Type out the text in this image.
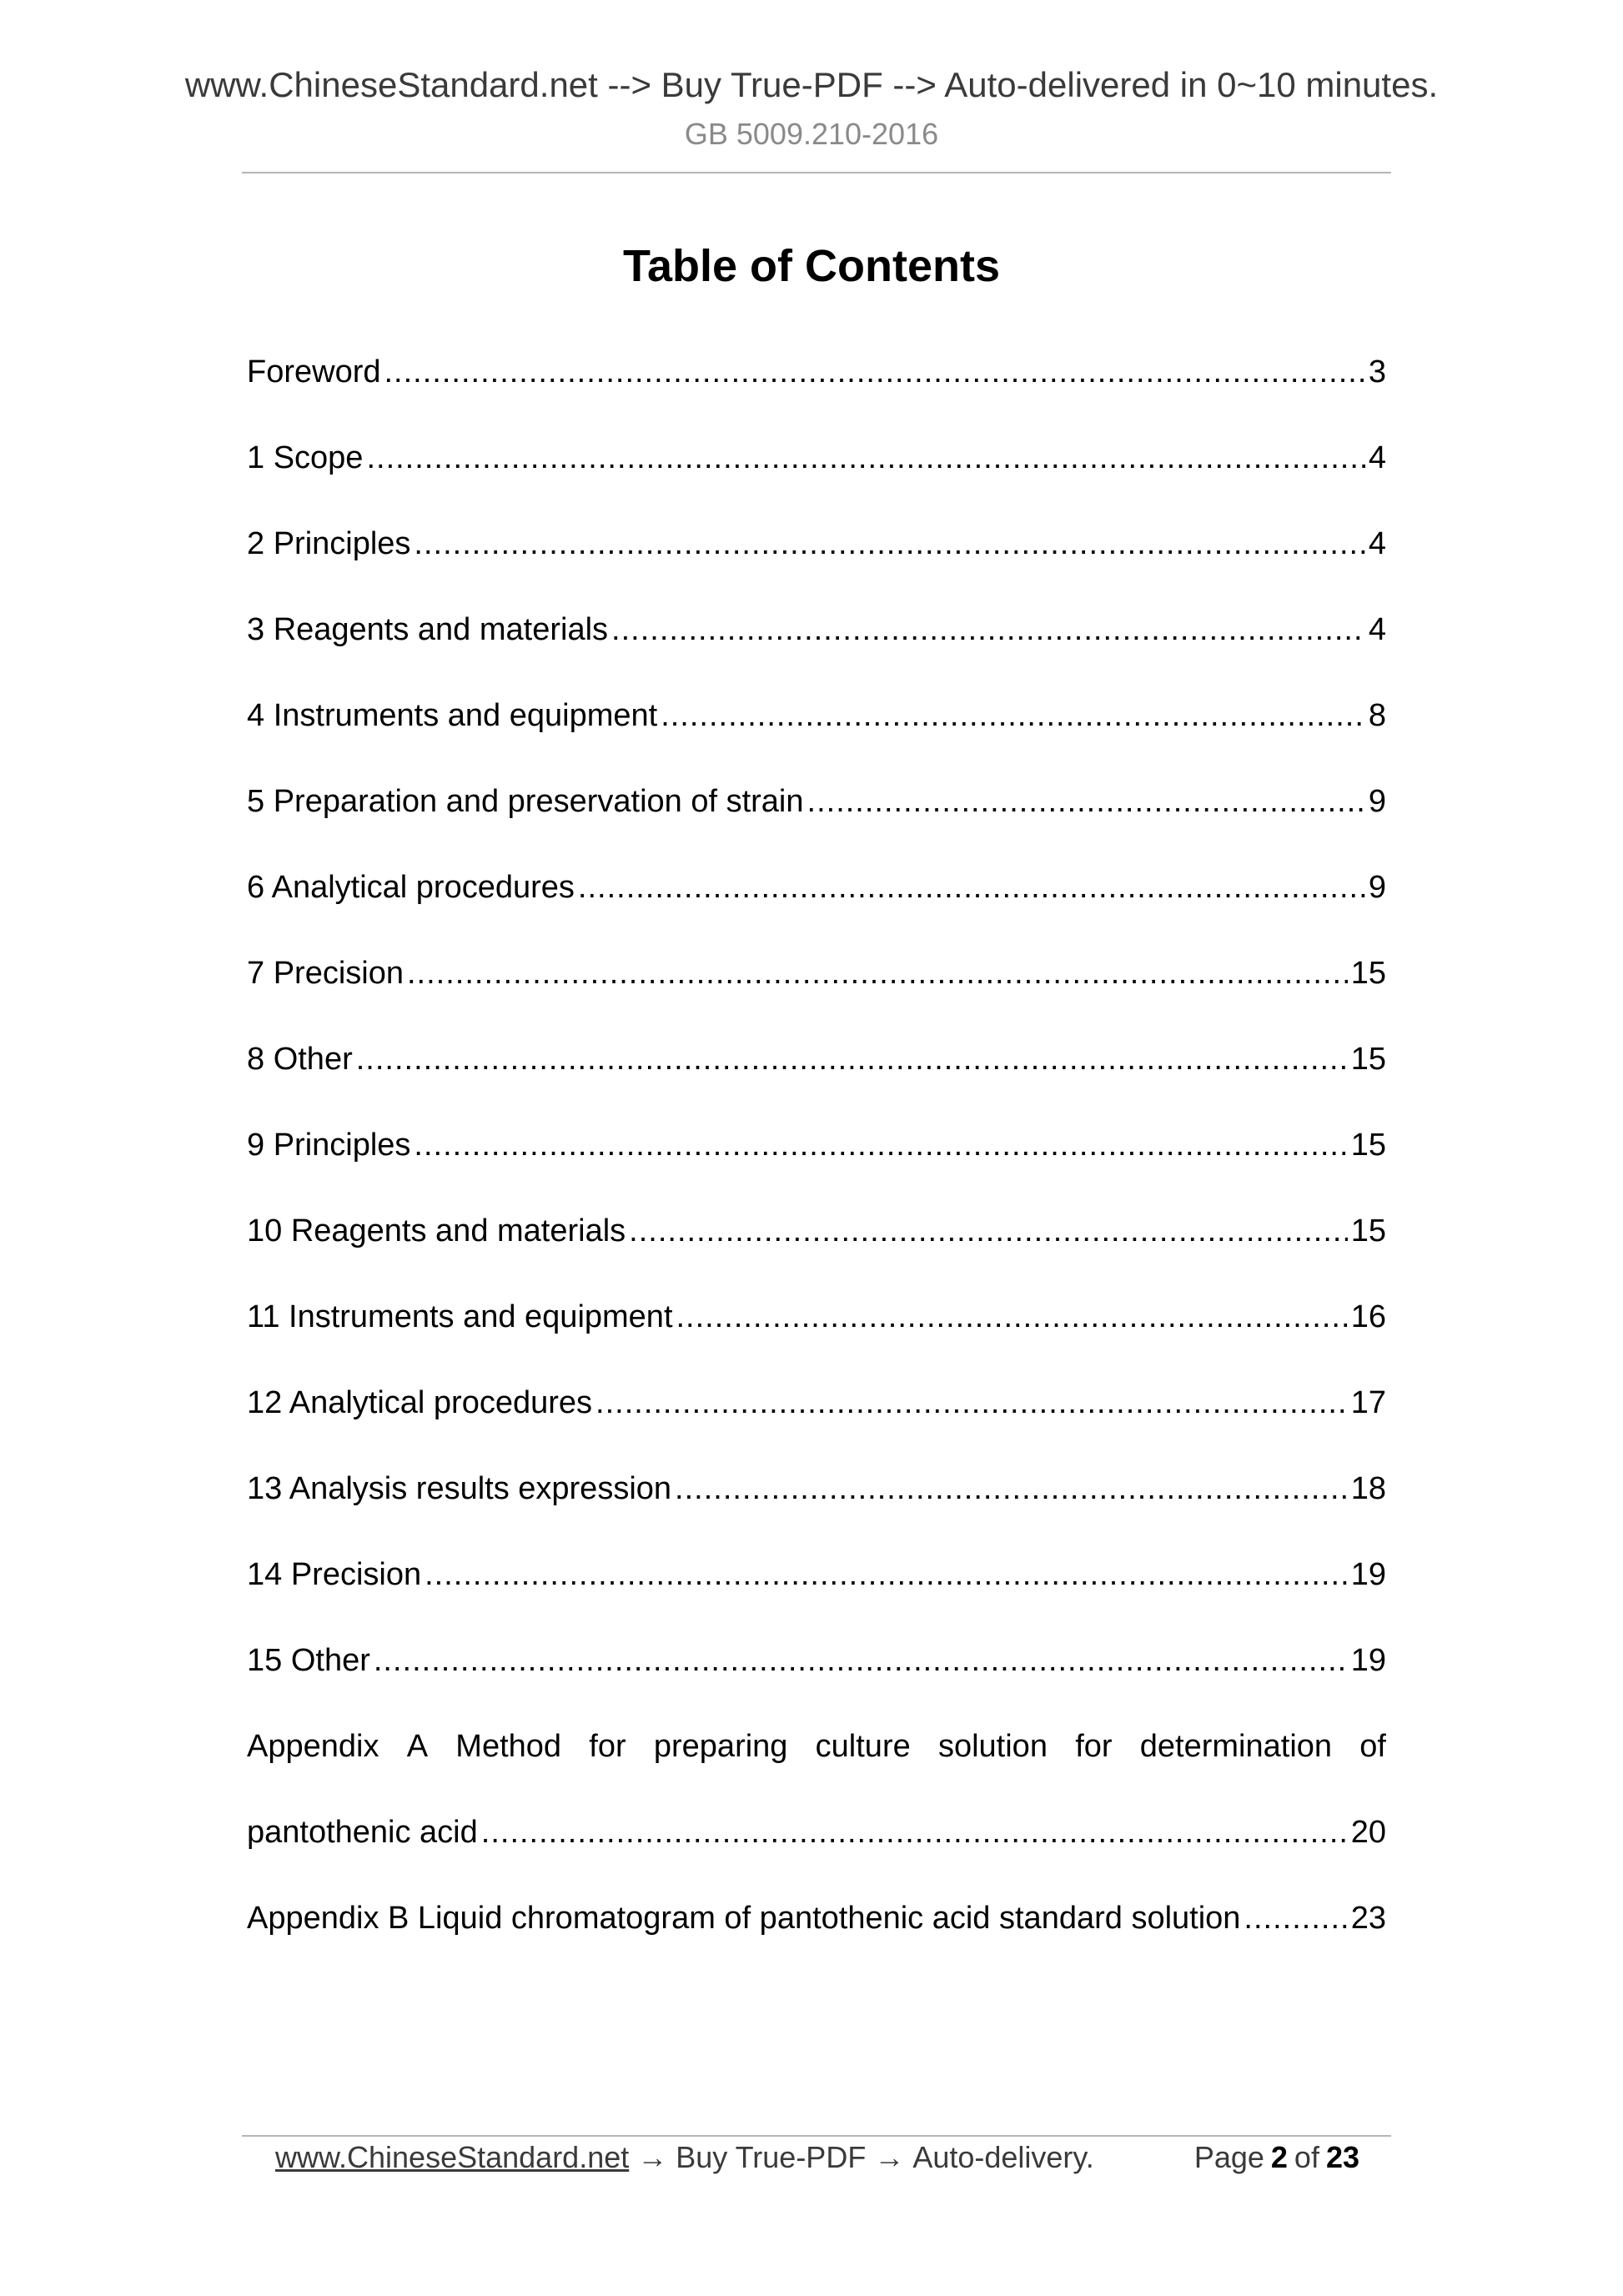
www.ChineseStandard.net --> Buy True-PDF --> Auto-delivered in 0~10 minutes.
GB 5009.210-2016
Table of Contents
Foreword .....	3
1 Scope .....	4
2 Principles .....	4
3 Reagents and materials .....	4
4 Instruments and equipment .....	8
5 Preparation and preservation of strain .....	9
6 Analytical procedures .....	9
7 Precision .....	15
8 Other .....	15
9 Principles .....	15
10 Reagents and materials .....	15
11 Instruments and equipment .....	16
12 Analytical procedures .....	17
13 Analysis results expression .....	18
14 Precision .....	19
15 Other .....	19
Appendix A Method for preparing culture solution for determination of
pantothenic acid .....	20
Appendix B Liquid chromatogram of pantothenic acid standard solution .....	23
www.ChineseStandard.net → Buy True-PDF → Auto-delivery.	Page 2 of 23
